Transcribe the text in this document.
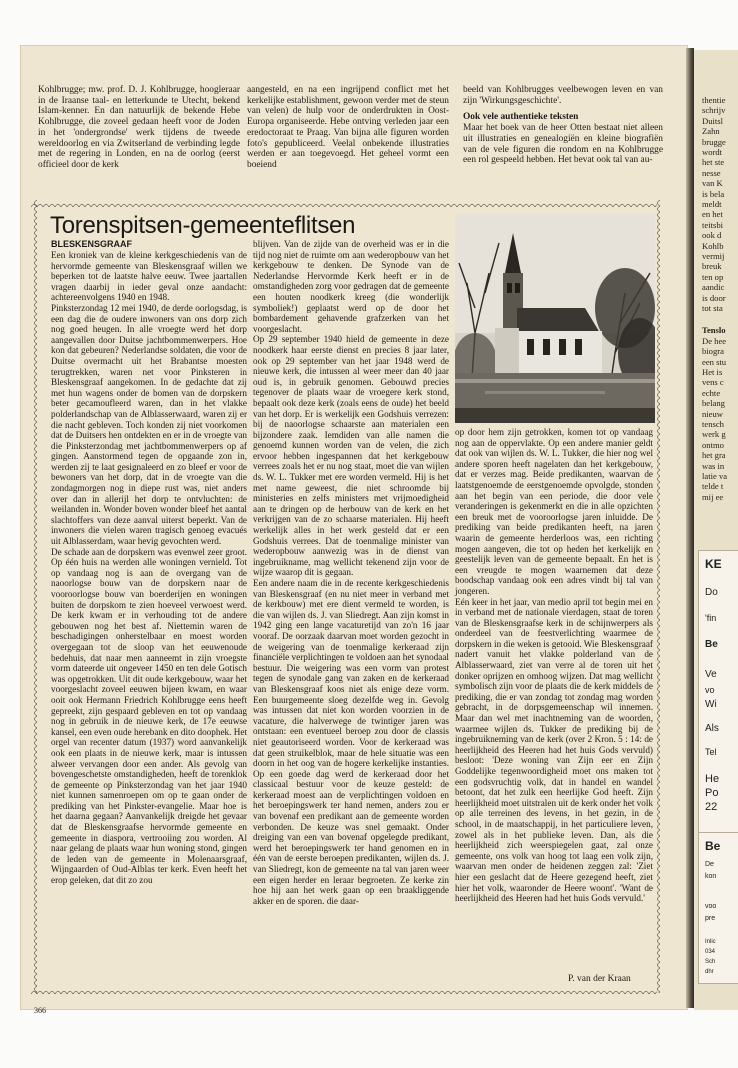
thentie
schrijv
Duitsl
Zahn
brugge
wordt
het ste
nesse
van K
is bela
meldt
en het
teitsbi
ook d
Kohlb
vermij
breuk
ten op
aandic
is door
tot sta
Tenslo
De hee
biogra
een stu
Het is
vens c
echte
belang
nieuw
tensch
werk g
ontmo
het gra
was in
latie va
telde t
mij ee
KE
Do
'fin
Be
Ve
vo
Wi
Als
Tel
He
Po
22
Be
De
kon
voo
pre
Inlic
034
Sch
dhr

Kohlbrugge; mw. prof. D. J. Kohlbrugge, hoogleraar in de Iraanse taal- en letterkunde te Utecht, bekend Islam-kenner. En dan natuurlijk de bekende Hebe Kohlbrugge, die zoveel gedaan heeft voor de Joden in het 'ondergrondse' werk tijdens de tweede wereldoorlog en via Zwitserland de verbinding legde met de regering in Londen, en na de oorlog (eerst officieel door de kerk

aangesteld, en na een ingrijpend conflict met het kerkelijke establishment, gewoon verder met de steun van velen) de hulp voor de onderdrukten in Oost-Europa organiseerde. Hebe ontving verleden jaar een eredoctoraat te Praag. Van bijna alle figuren worden foto's gepubliceerd. Veelal onbekende illustraties werden er aan toegevoegd. Het geheel vormt een boeiend

beeld van Kohlbrugges veelbewogen leven en van zijn 'Wirkungsgeschichte'.

Ook vele authentieke teksten

Maar het boek van de heer Otten bestaat niet alleen uit illustraties en genealogiën en kleine biografiën van de vele figuren die rondom en na Kohlbrugge een rol gespeeld hebben. Het bevat ook tal van au-

Torenspitsen-gemeenteflitsen
BLESKENSGRAAF

Een kroniek van de kleine kerkgeschiedenis van de hervormde gemeente van Bleskensgraaf willen we beperken tot de laatste halve eeuw. Twee jaartallen vragen daarbij in ieder geval onze aandacht: achtereenvolgens 1940 en 1948.

Pinksterzondag 12 mei 1940, de derde oorlogsdag, is een dag die de oudere inwoners van ons dorp zich nog goed heugen. In alle vroegte werd het dorp aangevallen door Duitse jachtbommenwerpers. Hoe kon dat gebeuren? Nederlandse soldaten, die voor de Duitse overmacht uit het Brabantse moesten terugtrekken, waren net voor Pinksteren in Bleskensgraaf aangekomen. In de gedachte dat zij met hun wagens onder de bomen van de dorpskern beter gecamoufleerd waren, dan in het vlakke polderlandschap van de Alblasserwaard, waren zij er die nacht gebleven. Toch konden zij niet voorkomen dat de Duitsers hen ontdekten en er in de vroegte van die Pinksterzondag met jachtbommenwerpers op af gingen. Aanstormend tegen de opgaande zon in, werden zij te laat gesignaleerd en zo bleef er voor de bewoners van het dorp, dat in de vroegte van die zondagmorgen nog in diepe rust was, niet anders over dan in allerijl het dorp te ontvluchten: de weilanden in. Wonder boven wonder bleef het aantal slachtoffers van deze aanval uiterst beperkt. Van de inwoners die vielen waren tragisch genoeg evacués uit Alblasserdam, waar hevig gevochten werd.

De schade aan de dorpskern was evenwel zeer groot. Op één huis na werden alle woningen vernield. Tot op vandaag nog is aan de overgang van de naoorlogse bouw van de dorpskern naar de vooroorlogse bouw van boerderijen en woningen buiten de dorpskom te zien hoeveel verwoest werd. De kerk kwam er in verhouding tot de andere gebouwen nog het best af. Niettemin waren de beschadigingen onherstelbaar en moest worden overgegaan tot de sloop van het eeuwenoude bedehuis, dat naar men aanneemt in zijn vroegste vorm dateerde uit ongeveer 1450 en ten dele Gotisch was opgetrokken. Uit dit oude kerkgebouw, waar het voorgeslacht zoveel eeuwen bijeen kwam, en waar ooit ook Hermann Friedrich Kohlbrugge eens heeft gepreekt, zijn gespaard gebleven en tot op vandaag nog in gebruik in de nieuwe kerk, de 17e eeuwse kansel, een even oude herebank en dito doophek. Het orgel van recenter datum (1937) word aanvankelijk ook een plaats in de nieuwe kerk, maar is intussen alweer vervangen door een ander. Als gevolg van bovengeschetste omstandigheden, heeft de torenklok de gemeente op Pinksterzondag van het jaar 1940 niet kunnen samenroepen om op te gaan onder de prediking van het Pinkster-evangelie. Maar hoe is het daarna gegaan? Aanvankelijk dreigde het gevaar dat de Bleskensgraafse hervormde gemeente en gemeente in diaspora, vertrooiing zou worden. Al naar gelang de plaats waar hun woning stond, gingen de leden van de gemeente in Molenaarsgraaf, Wijngaarden of Oud-Alblas ter kerk. Even heeft het erop geleken, dat dit zo zou

blijven. Van de zijde van de overheid was er in die tijd nog niet de ruimte om aan wederopbouw van het kerkgebouw te denken. De Synode van de Nederlandse Hervormde Kerk heeft er in de omstandigheden zorg voor gedragen dat de gemeente een houten noodkerk kreeg (die wonderlijk symboliek!) geplaatst werd op de door het bombardement gehavende grafzerken van het voorgeslacht.

Op 29 september 1940 hield de gemeente in deze noodkerk haar eerste dienst en precies 8 jaar later, ook op 29 september van het jaar 1948 werd de nieuwe kerk, die intussen al weer meer dan 40 jaar oud is, in gebruik genomen. Gebouwd precies tegenover de plaats waar de vroegere kerk stond, bepaalt ook deze kerk (zoals eens de oude) het beeld van het dorp. Er is werkelijk een Godshuis verrezen: bij de naoorlogse schaarste aan materialen een bijzondere zaak. Iemdiden van alle namen die genoemd kunnen worden van de velen, die zich ervoor hebben ingespannen dat het kerkgebouw verrees zoals het er nu nog staat, moet die van wijlen ds. W. L. Tukker met ere worden vermeld. Hij is het met name geweest, die niet schroomde bij ministeries en zelfs ministers met vrijmoedigheid aan te dringen op de herbouw van de kerk en het verkrijgen van de zo schaarse materialen. Hij heeft werkelijk alles in het werk gesteld dat er een Godshuis verrees. Dat de toenmalige minister van wederopbouw aanwezig was in de dienst van ingebruikname, mag wellicht tekenend zijn voor de wijze waarop dit is gegaan.

Een andere naam die in de recente kerkgeschiedenis van Bleskensgraaf (en nu niet meer in verband met de kerkbouw) met ere dient vermeld te worden, is die van wijlen ds. J. van Sliedregt. Aan zijn komst in 1942 ging een lange vacaturetijd van zo'n 16 jaar vooraf. De oorzaak daarvan moet worden gezocht in de weigering van de toenmalige kerkeraad zijn financiële verplichtingen te voldoen aan het synodaal bestuur. Die weigering was een vorm van protest tegen de synodale gang van zaken en de kerkeraad van Bleskensgraaf koos niet als enige deze vorm. Een buurgemeente sloeg dezelfde weg in. Gevolg was intussen dat niet kon worden voorzien in de vacature, die halverwege de twintiger jaren was ontstaan: een eventueel beroep zou door de classis niet geautoriseerd worden. Voor de kerkeraad was dat geen struikelblok, maar de hele situatie was een doorn in het oog van de hogere kerkelijke instanties. Op een goede dag werd de kerkeraad door het classicaal bestuur voor de keuze gesteld: de kerkeraad moest aan de verplichtingen voldoen en het beroepingswerk ter hand nemen, anders zou er van bovenaf een predikant aan de gemeente worden verbonden. De keuze was snel gemaakt. Onder dreiging van een van bovenaf opgelegde predikant, werd het beroepingswerk ter hand genomen en in één van de eerste beroepen predikanten, wijlen ds. J. van Sliedregt, kon de gemeente na tal van jaren weer een eigen herder en leraar begroeten. Ze kerke zin hoe hij aan het werk gaan op een braakliggende akker en de sporen. die daar-

op door hem zijn getrokken, komen tot op vandaag nog aan de oppervlakte. Op een andere manier geldt dat ook van wijlen ds. W. L. Tukker, die hier nog wel andere sporen heeft nagelaten dan het kerkgebouw, dat er verzes mag. Beide predikanten, waarvan de laatstgenoemde de eerstgenoemde opvolgde, stonden aan het begin van een periode, die door vele veranderingen is gekenmerkt en die in alle opzichten een breuk met de vooroorlogse jaren inluidde. De prediking van beide predikanten heeft, na jaren waarin de gemeente herderloos was, een richting mogen aangeven, die tot op heden het kerkelijk en geestelijk leven van de gemeente bepaalt. En het is een vreugde te mogen waarnemen dat deze boodschap vandaag ook een adres vindt bij tal van jongeren.

Eén keer in het jaar, van medio april tot begin mei en in verband met de nationale vierdagen, staat de toren van de Bleskensgraafse kerk in de schijnwerpers als onderdeel van de feestverlichting waarmee de dorpskern in die weken is getooid. Wie Bleskensgraaf nadert vanuit het vlakke polderland van de Alblasserwaard, ziet van verre al de toren uit het donker oprijzen en omhoog wijzen. Dat mag wellicht symbolisch zijn voor de plaats die de kerk middels de prediking, die er van zondag tot zondag mag worden gebracht, in de dorpsgemeenschap wil innemen. Maar dan wel met inachtneming van de woorden, waarmee wijlen ds. Tukker de prediking bij de ingebruikneming van de kerk (over 2 Kron. 5 : 14: de heerlijkheid des Heeren had het huis Gods vervuld) besloot: 'Deze woning van Zijn eer en Zijn Goddelijke tegenwoordigheid moet ons maken tot een godsvruchtig volk, dat in handel en wandel betoont, dat het zulk een heerlijke God heeft. Zijn heerlijkheid moet uitstralen uit de kerk onder het volk op alle terreinen des levens, in het gezin, in de school, in de maatschappij, in het particuliere leven, zowel als in het publieke leven. Dan, als die heerlijkheid zich weerspiegelen gaat, zal onze gemeente, ons volk van hoog tot laag een volk zijn, waarvan men onder de heidenen zeggen zal: 'Ziet hier een geslacht dat de Heere gezegend heeft, ziet hier het volk, waaronder de Heere woont'. 'Want de heerlijkheid des Heeren had het huis Gods vervuld.'

P. van der Kraan
366
